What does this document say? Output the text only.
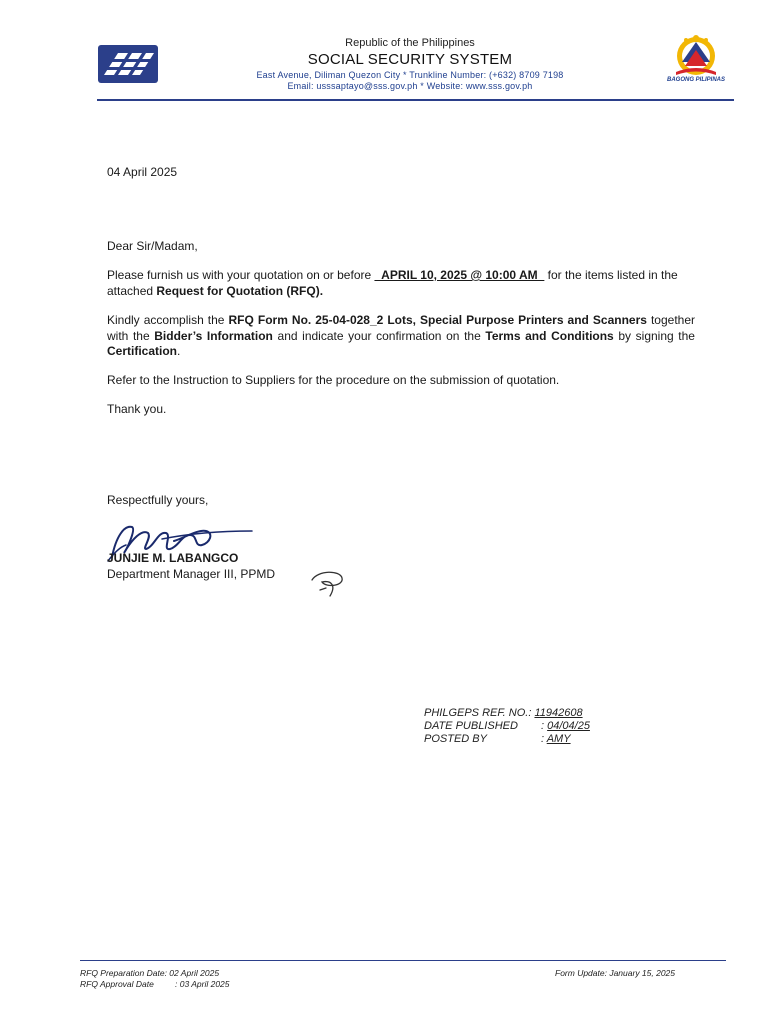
Republic of the Philippines
SOCIAL SECURITY SYSTEM
East Avenue, Diliman Quezon City * Trunkline Number: (+632) 8709 7198
Email: usssaptayo@sss.gov.ph * Website: www.sss.gov.ph
BAGONG PILIPINAS
04 April 2025
Dear Sir/Madam,
Please furnish us with your quotation on or before _APRIL 10, 2025 @ 10:00 AM_ for the items listed in the attached Request for Quotation (RFQ).
Kindly accomplish the RFQ Form No. 25-04-028_2 Lots, Special Purpose Printers and Scanners together with the Bidder’s Information and indicate your confirmation on the Terms and Conditions by signing the Certification.
Refer to the Instruction to Suppliers for the procedure on the submission of quotation.
Thank you.
Respectfully yours,
JUNJIE M. LABANGCO
Department Manager III, PPMD
PHILGEPS REF. NO.: 11942608
DATE PUBLISHED : 04/04/25
POSTED BY	: AMY
RFQ Preparation Date: 02 April 2025
RFQ Approval Date : 03 April 2025
Form Update: January 15, 2025
